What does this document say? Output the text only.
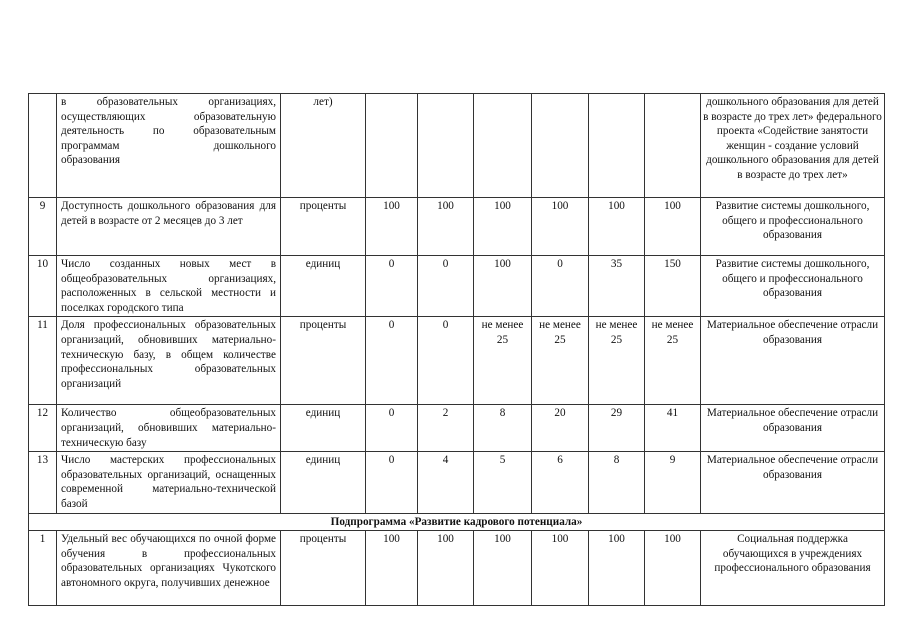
	в образовательных организациях,
осуществляющих образовательную
деятельность по образовательным
программам дошкольного
образования	лет)							дошкольного образования для детей в возрасте до трех лет» федерального проекта «Содействие занятости женщин - создание условий дошкольного образования для детей в возрасте до трех лет»
9	Доступность дошкольного образования для детей в возрасте от 2 месяцев до 3 лет	проценты	100	100	100	100	100	100	Развитие системы дошкольного, общего и профессионального образования
10	Число созданных новых мест в общеобразовательных организациях, расположенных в сельской местности и поселках городского типа	единиц	0	0	100	0	35	150	Развитие системы дошкольного, общего и профессионального образования
11	Доля профессиональных образовательных организаций, обновивших материально-техническую базу, в общем количестве профессиональных образовательных организаций	проценты	0	0	не менее 25	не менее 25	не менее 25	не менее 25	Материальное обеспечение отрасли образования
12	Количество общеобразовательных организаций, обновивших материально-техническую базу	единиц	0	2	8	20	29	41	Материальное обеспечение отрасли образования
13	Число мастерских профессиональных образовательных организаций, оснащенных современной материально-технической базой	единиц	0	4	5	6	8	9	Материальное обеспечение отрасли образования
Подпрограмма «Развитие кадрового потенциала»									
1	Удельный вес обучающихся по очной форме обучения в профессиональных образовательных организациях Чукотского автономного округа, получивших денежное	проценты	100	100	100	100	100	100	Социальная поддержка обучающихся в учреждениях профессионального образования
